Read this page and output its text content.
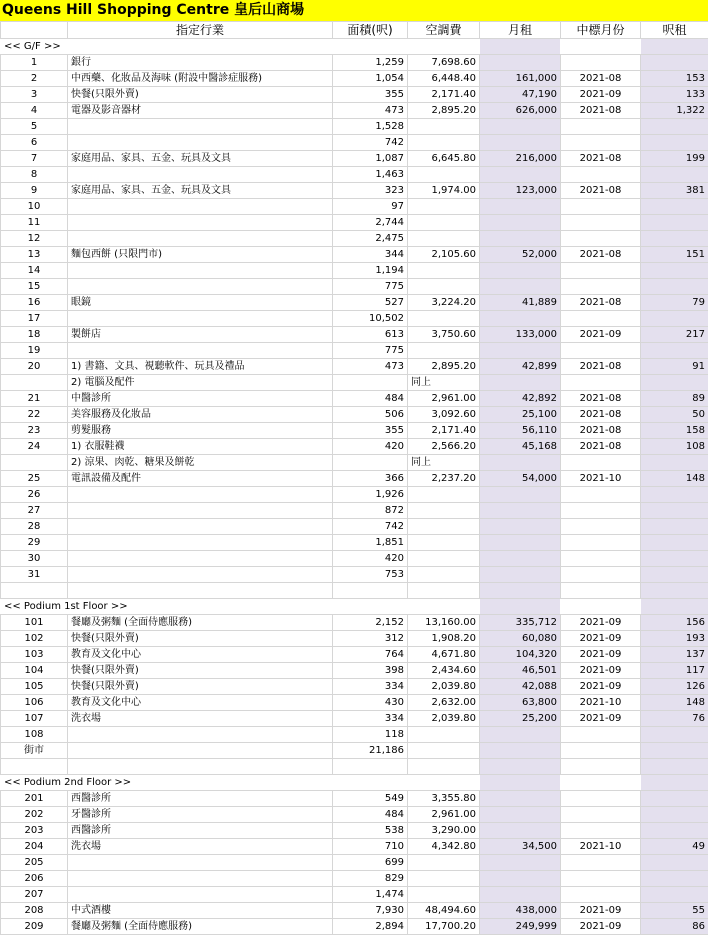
Queens Hill Shopping Centre 皇后山商場
	指定行業	面積(呎)	空調費	月租	中標月份	呎租
<< G/F >>						
1	銀行	1,259	7,698.60			
2	中西藥、化妝品及海味 (附設中醫診症服務)	1,054	6,448.40	161,000	2021-08	153
3	快餐(只限外賣)	355	2,171.40	47,190	2021-09	133
4	電器及影音器材	473	2,895.20	626,000	2021-08	1,322
5		1,528				
6		742				
7	家庭用品、家具、五金、玩具及文具	1,087	6,645.80	216,000	2021-08	199
8		1,463				
9	家庭用品、家具、五金、玩具及文具	323	1,974.00	123,000	2021-08	381
10		97				
11		2,744				
12		2,475				
13	麵包西餅 (只限門市)	344	2,105.60	52,000	2021-08	151
14		1,194				
15		775				
16	眼鏡	527	3,224.20	41,889	2021-08	79
17		10,502				
18	製餅店	613	3,750.60	133,000	2021-09	217
19		775				
20	1) 書籍、文具、視聽軟件、玩具及禮品	473	2,895.20	42,899	2021-08	91
	2) 電腦及配件		同上			
21	中醫診所	484	2,961.00	42,892	2021-08	89
22	美容服務及化妝品	506	3,092.60	25,100	2021-08	50
23	剪髮服務	355	2,171.40	56,110	2021-08	158
24	1) 衣服鞋襪	420	2,566.20	45,168	2021-08	108
	2) 涼果、肉乾、糖果及餅乾		同上			
25	電訊設備及配件	366	2,237.20	54,000	2021-10	148
26		1,926				
27		872				
28		742				
29		1,851				
30		420				
31		753				

<< Podium 1st Floor >>						
101	餐廳及粥麵 (全面侍應服務)	2,152	13,160.00	335,712	2021-09	156
102	快餐(只限外賣)	312	1,908.20	60,080	2021-09	193
103	教育及文化中心	764	4,671.80	104,320	2021-09	137
104	快餐(只限外賣)	398	2,434.60	46,501	2021-09	117
105	快餐(只限外賣)	334	2,039.80	42,088	2021-09	126
106	教育及文化中心	430	2,632.00	63,800	2021-10	148
107	洗衣場	334	2,039.80	25,200	2021-09	76
108		118				
街市		21,186				

<< Podium 2nd Floor >>						
201	西醫診所	549	3,355.80			
202	牙醫診所	484	2,961.00			
203	西醫診所	538	3,290.00			
204	洗衣場	710	4,342.80	34,500	2021-10	49
205		699				
206		829				
207		1,474				
208	中式酒樓	7,930	48,494.60	438,000	2021-09	55
209	餐廳及粥麵 (全面侍應服務)	2,894	17,700.20	249,999	2021-09	86
